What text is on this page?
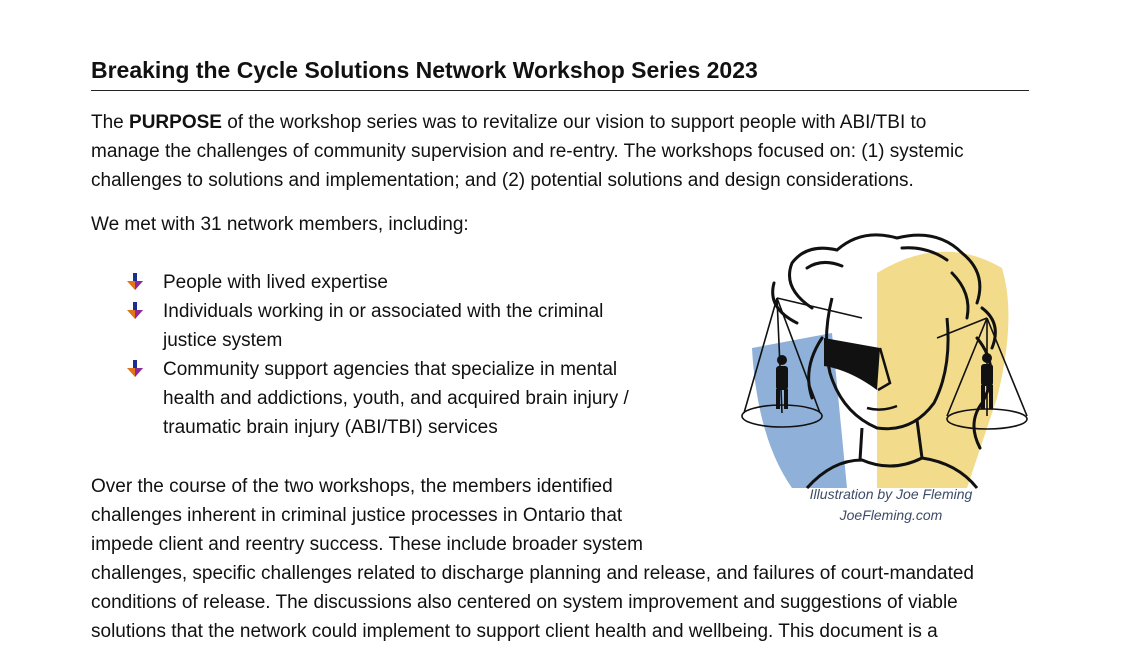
Breaking the Cycle Solutions Network Workshop Series 2023
The PURPOSE of the workshop series was to revitalize our vision to support people with ABI/TBI to
manage the challenges of community supervision and re-entry. The workshops focused on: (1) systemic
challenges to solutions and implementation; and (2) potential solutions and design considerations.
We met with 31 network members, including:
People with lived expertise
Individuals working in or associated with the criminal
justice system
Community support agencies that specialize in mental
health and addictions, youth, and acquired brain injury /
traumatic brain injury (ABI/TBI) services
Illustration by Joe Fleming
JoeFleming.com
Over the course of the two workshops, the members identified
challenges inherent in criminal justice processes in Ontario that
impede client and reentry success. These include broader system
challenges, specific challenges related to discharge planning and release, and failures of court-mandated
conditions of release. The discussions also centered on system improvement and suggestions of viable
solutions that the network could implement to support client health and wellbeing. This document is a
